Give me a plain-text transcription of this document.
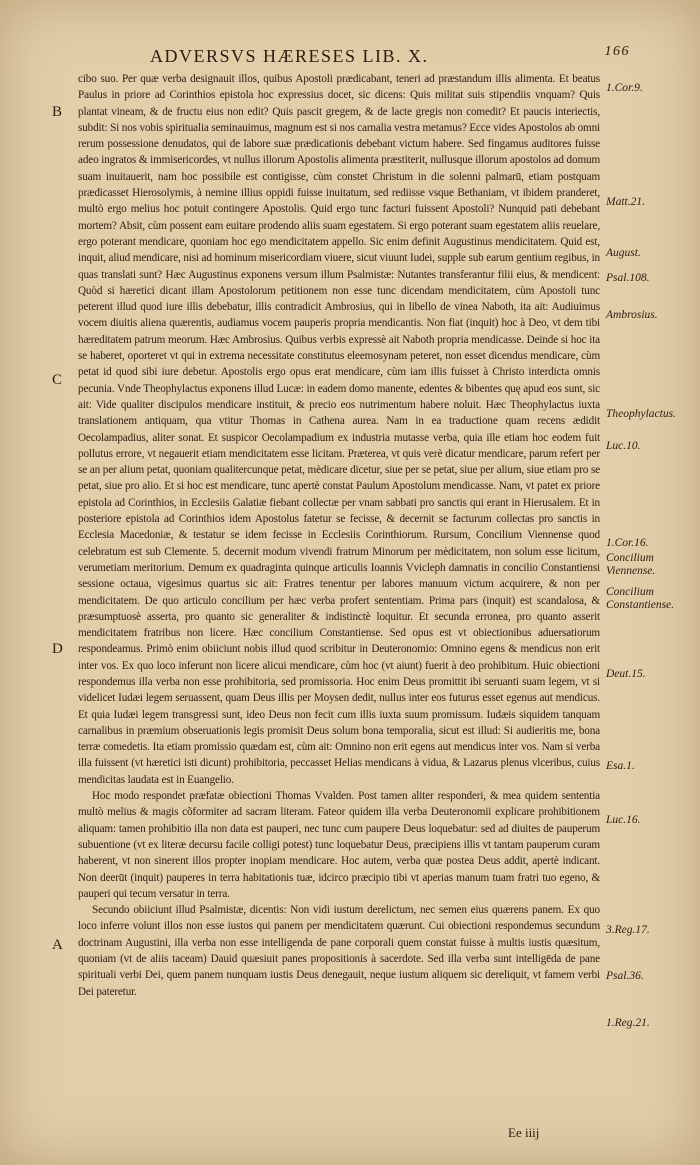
ADVERSVS HÆRESES LIB. X.	166
B
C
D
A
1.Cor.9.
Matt.21.
August.
Psal.108.
Ambrosius.
Theophylactus.
Luc.10.
1.Cor.16.
Concilium Viennense.
Concilium Constantiense.
Deut.15.
Esa.1.
Luc.16.
3.Reg.17.
Psal.36.
1.Reg.21.

cibo suo. Per quæ verba designauit illos, quibus Apostoli prædicabant, teneri ad præstandum illis alimenta. Et beatus Paulus in priore ad Corinthios epistola hoc expressius docet, sic dicens: Quis militat suis stipendiis vnquam? Quis plantat vineam, & de fructu eius non edit? Quis pascit gregem, & de lacte gregis non comedit? Et paucis interiectis, subdit: Si nos vobis spiritualia seminauimus, magnum est si nos carnalia vestra metamus? Ecce vides Apostolos ab omni rerum possessione denudatos, qui de labore suæ prædicationis debebant victum habere. Sed fingamus auditores fuisse adeo ingratos & immisericordes, vt nullus illorum Apostolis alimenta præstiterit, nullusque illorum apostolos ad domum suam inuitauerit, nam hoc possibile est contigisse, cùm constet Christum in die solenni palmarū, etiam postquam prædicasset Hierosolymis, à nemine illius oppidi fuisse inuitatum, sed rediisse vsque Bethaniam, vt ibidem pranderet, multò ergo melius hoc potuit contingere Apostolis. Quid ergo tunc facturi fuissent Apostoli? Nunquid pati debebant mortem? Absit, cùm possent eam euitare prodendo aliis suam egestatem. Si ergo poterant suam egestatem aliis reuelare, ergo poterant mendicare, quoniam hoc ego mendicitatem appello. Sic enim definit Augustinus mendicitatem. Quid est, inquit, aliud mendicare, nisi ad hominum misericordiam viuere, sicut viuunt Iudei, supple sub earum gentium regibus, in quas translati sunt? Hæc Augustinus exponens versum illum Psalmistæ: Nutantes transferantur filii eius, & mendicent: Quòd si hæretici dicant illam Apostolorum petitionem non esse tunc dicendam mendicitatem, cùm Apostoli tunc peterent illud quod iure illis debebatur, illis contradicit Ambrosius, qui in libello de vinea Naboth, ita ait: Audiuimus vocem diuitis aliena quærentis, audiamus vocem pauperis propria mendicantis. Non fiat (inquit) hoc à Deo, vt dem tibi hæreditatem patrum meorum. Hæc Ambrosius. Quibus verbis expressè ait Naboth propria mendicasse. Deinde si hoc ita se haberet, oporteret vt qui in extrema necessitate constitutus eleemosynam peteret, non esset dicendus mendicare, cùm petat id quod sibi iure debetur. Apostolis ergo opus erat mendicare, cùm iam illis fuisset à Christo interdicta omnis pecunia. Vnde Theophylactus exponens illud Lucæ: in eadem domo manente, edentes & bibentes quę apud eos sunt, sic ait: Vide qualiter discipulos mendicare instituit, & precio eos nutrimentum habere noluit. Hæc Theophylactus iuxta translationem antiquam, qua vtitur Thomas in Cathena aurea. Nam in ea traductione quam recens ædidit Oecolampadius, aliter sonat. Et suspicor Oecolampadium ex industria mutasse verba, quia ille etiam hoc eodem fuit pollutus errore, vt negauerit etiam mendicitatem esse licitam. Præterea, vt quis verè dicatur mendicare, parum refert per se an per alium petat, quoniam qualitercunque petat, mèdicare dicetur, siue per se petat, siue per alium, siue etiam pro se petat, siue pro alio. Et si hoc est mendicare, tunc apertè constat Paulum Apostolum mendicasse. Nam, vt patet ex priore epistola ad Corinthios, in Ecclesiis Galatiæ fiebant collectæ per vnam sabbati pro sanctis qui erant in Hierusalem. Et in posteriore epistola ad Corinthios idem Apostolus fatetur se fecisse, & decernit se facturum collectas pro sanctis in Ecclesia Macedoniæ, & testatur se idem fecisse in Ecclesiis Corinthiorum. Rursum, Concilium Viennense quod celebratum est sub Clemente. 5. decernit modum vivendi fratrum Minorum per mèdicitatem, non solum esse licitum, verumetiam meritorium. Demum ex quadraginta quinque articulis Ioannis Vvicleph damnatis in concilio Constantiensi sessione octaua, vigesimus quartus sic ait: Fratres tenentur per labores manuum victum acquirere, & non per mendicitatem. De quo articulo concilium per hæc verba profert sententiam. Prima pars (inquit) est scandalosa, & præsumptuosè asserta, pro quanto sic generaliter & indistinctè loquitur. Et secunda erronea, pro quanto asserit mendicitatem fratribus non licere. Hæc concilium Constantiense. Sed opus est vt obiectionibus aduersatiorum respondeamus. Primò enim obiiciunt nobis illud quod scribitur in Deuteronomio: Omnino egens & mendicus non erit inter vos. Ex quo loco inferunt non licere alicui mendicare, cùm hoc (vt aiunt) fuerit à deo prohibitum. Huic obiectioni respondemus illa verba non esse prohibitoria, sed promissoria. Hoc enim Deus promittit ibi seruanti suam legem, vt si videlicet Iudæi legem seruassent, quam Deus illis per Moysen dedit, nullus inter eos futurus esset egenus aut mendicus. Et quia Iudæi legem transgressi sunt, ideo Deus non fecit cum illis iuxta suum promissum. Iudæis siquidem tanquam carnalibus in præmium obseruationis legis promisit Deus solum bona temporalia, sicut est illud: Si audieritis me, bona terræ comedetis. Ita etiam promissio quædam est, cùm ait: Omnino non erit egens aut mendicus inter vos. Nam si verba illa fuissent (vt hæretici isti dicunt) prohibitoria, peccasset Helias mendicans à vidua, & Lazarus plenus vlceribus, cuius mendicitas laudata est in Euangelio.

Hoc modo respondet præfatæ obiectioni Thomas Vvalden. Post tamen aliter responderi, & mea quidem sententia multò melius & magis cõformiter ad sacram literam. Fateor quidem illa verba Deuteronomii explicare prohibitionem aliquam: tamen prohibitio illa non data est pauperi, nec tunc cum paupere Deus loquebatur: sed ad diuites de pauperum subuentione (vt ex literæ decursu facile colligi potest) tunc loquebatur Deus, præcipiens illis vt tantam pauperum curam haberent, vt non sinerent illos propter inopiam mendicare. Hoc autem, verba quæ postea Deus addit, apertè indicant. Non deerūt (inquit) pauperes in terra habitationis tuæ, idcirco præcipio tibi vt aperias manum tuam fratri tuo egeno, & pauperi qui tecum versatur in terra.

Secundo obiiciunt illud Psalmistæ, dicentis: Non vidi iustum derelictum, nec semen eius quærens panem. Ex quo loco inferre volunt illos non esse iustos qui panem per mendicitatem quærunt. Cui obiectioni respondemus secundum doctrinam Augustini, illa verba non esse intelligenda de pane corporali quem constat fuisse à multis iustis quæsitum, quoniam (vt de aliis taceam) Dauid quæsiuit panes propositionis à sacerdote. Sed illa verba sunt intelligēda de pane spirituali verbi Dei, quem panem nunquam iustis Deus denegauit, neque iustum aliquem sic dereliquit, vt famem verbi Dei pateretur.

Ee iiij
